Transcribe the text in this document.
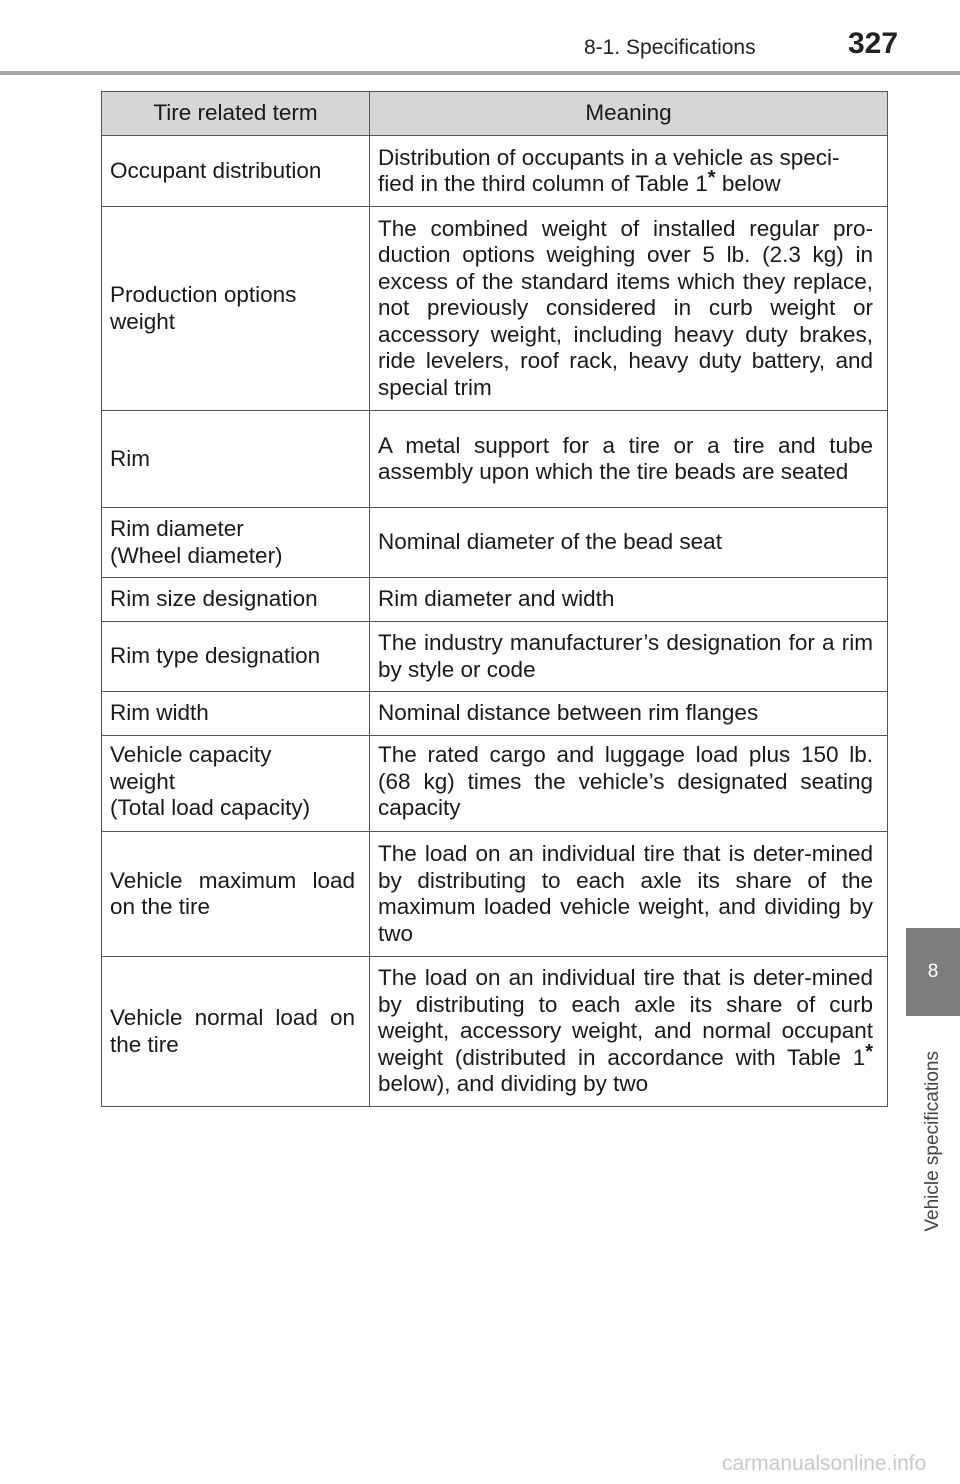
8-1. Specifications	327
8
Vehicle specifications
Tire related term	Meaning
Occupant distribution	Distribution of occupants in a vehicle as speci-
fied in the third column of Table 1* below
Production options
weight	The combined weight of installed regular pro-duction options weighing over 5 lb. (2.3 kg) in excess of the standard items which they replace, not previously considered in curb weight or accessory weight, including heavy duty brakes, ride levelers, roof rack, heavy duty battery, and special trim
Rim	A metal support for a tire or a tire and tube assembly upon which the tire beads are seated
Rim diameter
(Wheel diameter)	Nominal diameter of the bead seat
Rim size designation	Rim diameter and width
Rim type designation	The industry manufacturer’s designation for a rim by style or code
Rim width	Nominal distance between rim flanges
Vehicle capacity
weight
(Total load capacity)	The rated cargo and luggage load plus 150 lb. (68 kg) times the vehicle’s designated seating capacity
Vehicle maximum load on the tire	The load on an individual tire that is deter-mined by distributing to each axle its share of the maximum loaded vehicle weight, and dividing by two
Vehicle normal load on the tire	The load on an individual tire that is deter-mined by distributing to each axle its share of curb weight, accessory weight, and normal occupant weight (distributed in accordance with Table 1* below), and dividing by two
carmanualsonline.info
